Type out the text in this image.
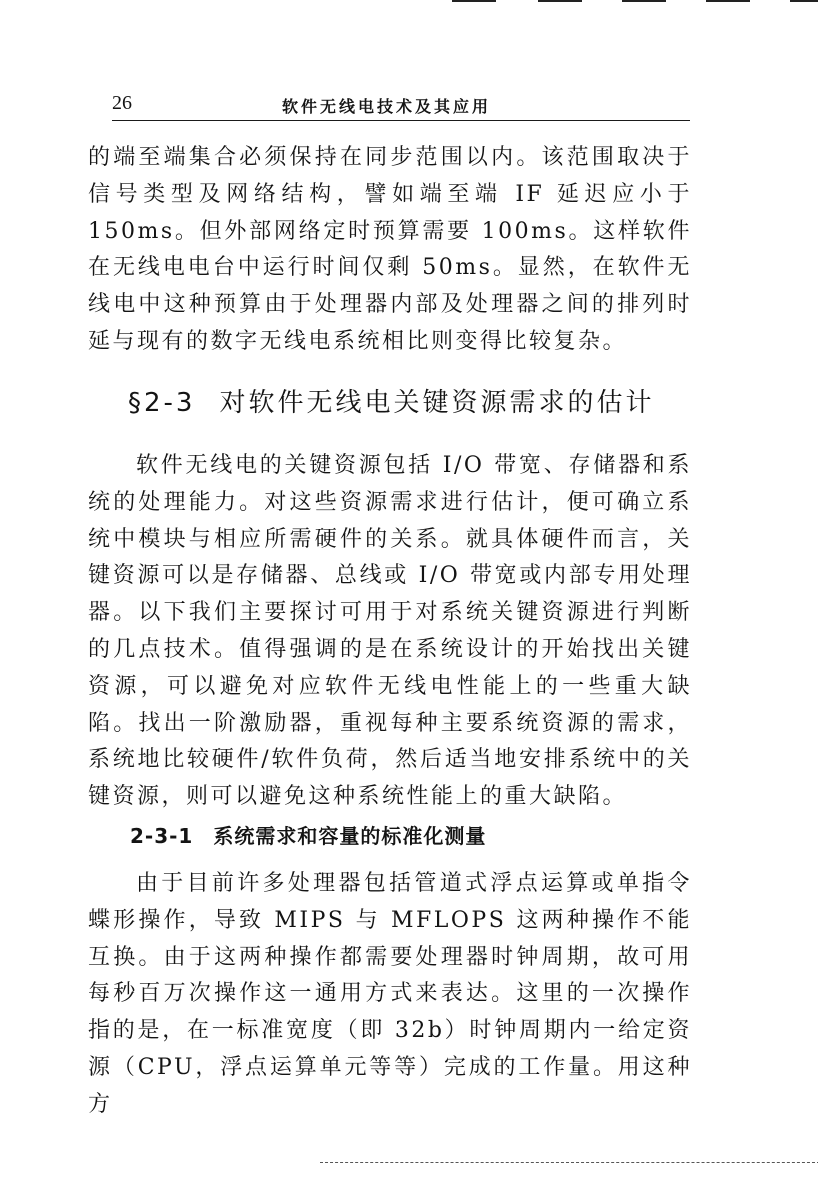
26	软件无线电技术及其应用

的端至端集合必须保持在同步范围以内。该范围取决于信号类型及网络结构，譬如端至端 IF 延迟应小于150ms。但外部网络定时预算需要 100ms。这样软件在无线电电台中运行时间仅剩 50ms。显然，在软件无线电中这种预算由于处理器内部及处理器之间的排列时延与现有的数字无线电系统相比则变得比较复杂。

§2-3 对软件无线电关键资源需求的估计

软件无线电的关键资源包括 I/O 带宽、存储器和系统的处理能力。对这些资源需求进行估计，便可确立系统中模块与相应所需硬件的关系。就具体硬件而言，关键资源可以是存储器、总线或 I/O 带宽或内部专用处理器。以下我们主要探讨可用于对系统关键资源进行判断的几点技术。值得强调的是在系统设计的开始找出关键资源，可以避免对应软件无线电性能上的一些重大缺陷。找出一阶激励器，重视每种主要系统资源的需求，系统地比较硬件/软件负荷，然后适当地安排系统中的关键资源，则可以避免这种系统性能上的重大缺陷。

2-3-1 系统需求和容量的标准化测量

由于目前许多处理器包括管道式浮点运算或单指令蝶形操作，导致 MIPS 与 MFLOPS 这两种操作不能互换。由于这两种操作都需要处理器时钟周期，故可用每秒百万次操作这一通用方式来表达。这里的一次操作指的是，在一标准宽度（即 32b）时钟周期内一给定资源（CPU，浮点运算单元等等）完成的工作量。用这种方
